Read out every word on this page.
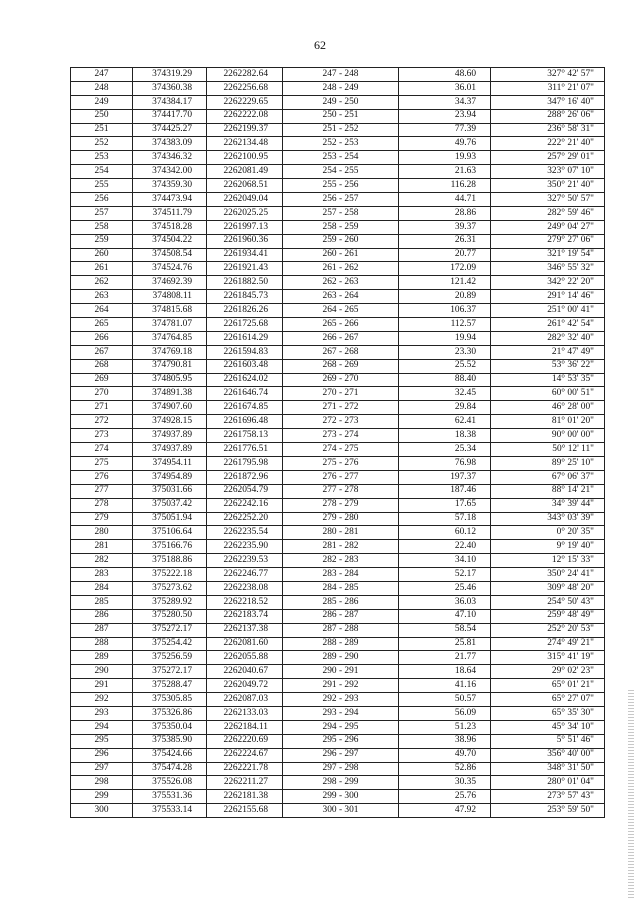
62
247	374319.29	2262282.64	247 - 248	48.60	327° 42' 57"
248	374360.38	2262256.68	248 - 249	36.01	311° 21' 07"
249	374384.17	2262229.65	249 - 250	34.37	347° 16' 40"
250	374417.70	2262222.08	250 - 251	23.94	288° 26' 06"
251	374425.27	2262199.37	251 - 252	77.39	236° 58' 31"
252	374383.09	2262134.48	252 - 253	49.76	222° 21' 40"
253	374346.32	2262100.95	253 - 254	19.93	257° 29' 01"
254	374342.00	2262081.49	254 - 255	21.63	323° 07' 10"
255	374359.30	2262068.51	255 - 256	116.28	350° 21' 40"
256	374473.94	2262049.04	256 - 257	44.71	327° 50' 57"
257	374511.79	2262025.25	257 - 258	28.86	282° 59' 46"
258	374518.28	2261997.13	258 - 259	39.37	249° 04' 27"
259	374504.22	2261960.36	259 - 260	26.31	279° 27' 06"
260	374508.54	2261934.41	260 - 261	20.77	321° 19' 54"
261	374524.76	2261921.43	261 - 262	172.09	346° 55' 32"
262	374692.39	2261882.50	262 - 263	121.42	342° 22' 20"
263	374808.11	2261845.73	263 - 264	20.89	291° 14' 46"
264	374815.68	2261826.26	264 - 265	106.37	251° 00' 41"
265	374781.07	2261725.68	265 - 266	112.57	261° 42' 54"
266	374764.85	2261614.29	266 - 267	19.94	282° 32' 40"
267	374769.18	2261594.83	267 - 268	23.30	21° 47' 49"
268	374790.81	2261603.48	268 - 269	25.52	53° 36' 22"
269	374805.95	2261624.02	269 - 270	88.40	14° 53' 35"
270	374891.38	2261646.74	270 - 271	32.45	60° 00' 51"
271	374907.60	2261674.85	271 - 272	29.84	46° 28' 00"
272	374928.15	2261696.48	272 - 273	62.41	81° 01' 20"
273	374937.89	2261758.13	273 - 274	18.38	90° 00' 00"
274	374937.89	2261776.51	274 - 275	25.34	50° 12' 11"
275	374954.11	2261795.98	275 - 276	76.98	89° 25' 10"
276	374954.89	2261872.96	276 - 277	197.37	67° 06' 37"
277	375031.66	2262054.79	277 - 278	187.46	88° 14' 21"
278	375037.42	2262242.16	278 - 279	17.65	34° 39' 44"
279	375051.94	2262252.20	279 - 280	57.18	343° 03' 39"
280	375106.64	2262235.54	280 - 281	60.12	0° 20' 35"
281	375166.76	2262235.90	281 - 282	22.40	9° 19' 40"
282	375188.86	2262239.53	282 - 283	34.10	12° 15' 33"
283	375222.18	2262246.77	283 - 284	52.17	350° 24' 41"
284	375273.62	2262238.08	284 - 285	25.46	309° 48' 20"
285	375289.92	2262218.52	285 - 286	36.03	254° 50' 43"
286	375280.50	2262183.74	286 - 287	47.10	259° 48' 49"
287	375272.17	2262137.38	287 - 288	58.54	252° 20' 53"
288	375254.42	2262081.60	288 - 289	25.81	274° 49' 21"
289	375256.59	2262055.88	289 - 290	21.77	315° 41' 19"
290	375272.17	2262040.67	290 - 291	18.64	29° 02' 23"
291	375288.47	2262049.72	291 - 292	41.16	65° 01' 21"
292	375305.85	2262087.03	292 - 293	50.57	65° 27' 07"
293	375326.86	2262133.03	293 - 294	56.09	65° 35' 30"
294	375350.04	2262184.11	294 - 295	51.23	45° 34' 10"
295	375385.90	2262220.69	295 - 296	38.96	5° 51' 46"
296	375424.66	2262224.67	296 - 297	49.70	356° 40' 00"
297	375474.28	2262221.78	297 - 298	52.86	348° 31' 50"
298	375526.08	2262211.27	298 - 299	30.35	280° 01' 04"
299	375531.36	2262181.38	299 - 300	25.76	273° 57' 43"
300	375533.14	2262155.68	300 - 301	47.92	253° 59' 50"
